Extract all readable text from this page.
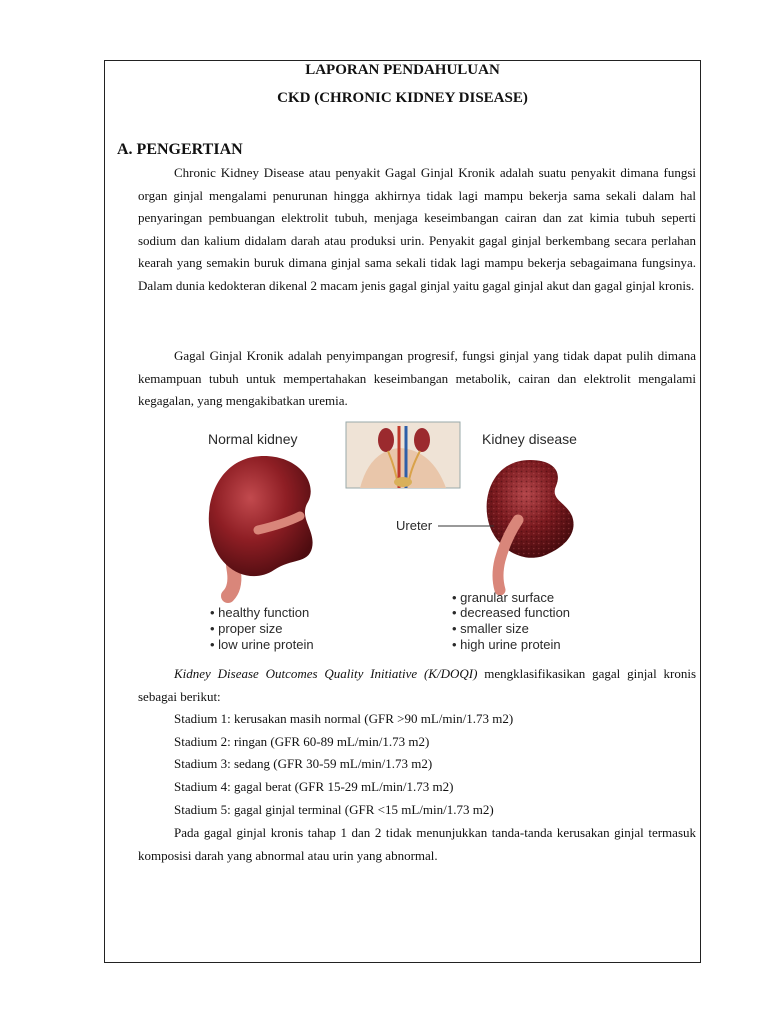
LAPORAN PENDAHULUAN
CKD (CHRONIC KIDNEY DISEASE)
A. PENGERTIAN
Chronic Kidney Disease atau penyakit Gagal Ginjal Kronik adalah suatu penyakit dimana fungsi organ ginjal mengalami penurunan hingga akhirnya tidak lagi mampu bekerja sama sekali dalam hal penyaringan pembuangan elektrolit tubuh, menjaga keseimbangan cairan dan zat kimia tubuh seperti sodium dan kalium didalam darah atau produksi urin. Penyakit gagal ginjal berkembang secara perlahan kearah yang semakin buruk dimana ginjal sama sekali tidak lagi mampu bekerja sebagaimana fungsinya. Dalam dunia kedokteran dikenal 2 macam jenis gagal ginjal yaitu gagal ginjal akut dan gagal ginjal kronis.
Gagal Ginjal Kronik adalah penyimpangan progresif, fungsi ginjal yang tidak dapat pulih dimana kemampuan tubuh untuk mempertahakan keseimbangan metabolik, cairan dan elektrolit mengalami kegagalan, yang mengakibatkan uremia.
Normal kidney	Kidney disease
Ureter
• healthy function
• proper size
• low urine protein
• granular surface
• decreased function
• smaller size
• high urine protein
Kidney Disease Outcomes Quality Initiative (K/DOQI) mengklasifikasikan gagal ginjal kronis sebagai berikut:
Stadium 1: kerusakan masih normal (GFR >90 mL/min/1.73 m2)
Stadium 2: ringan (GFR 60-89 mL/min/1.73 m2)
Stadium 3: sedang (GFR 30-59 mL/min/1.73 m2)
Stadium 4: gagal berat (GFR 15-29 mL/min/1.73 m2)
Stadium 5: gagal ginjal terminal (GFR <15 mL/min/1.73 m2)
Pada gagal ginjal kronis tahap 1 dan 2 tidak menunjukkan tanda-tanda kerusakan ginjal termasuk komposisi darah yang abnormal atau urin yang abnormal.
